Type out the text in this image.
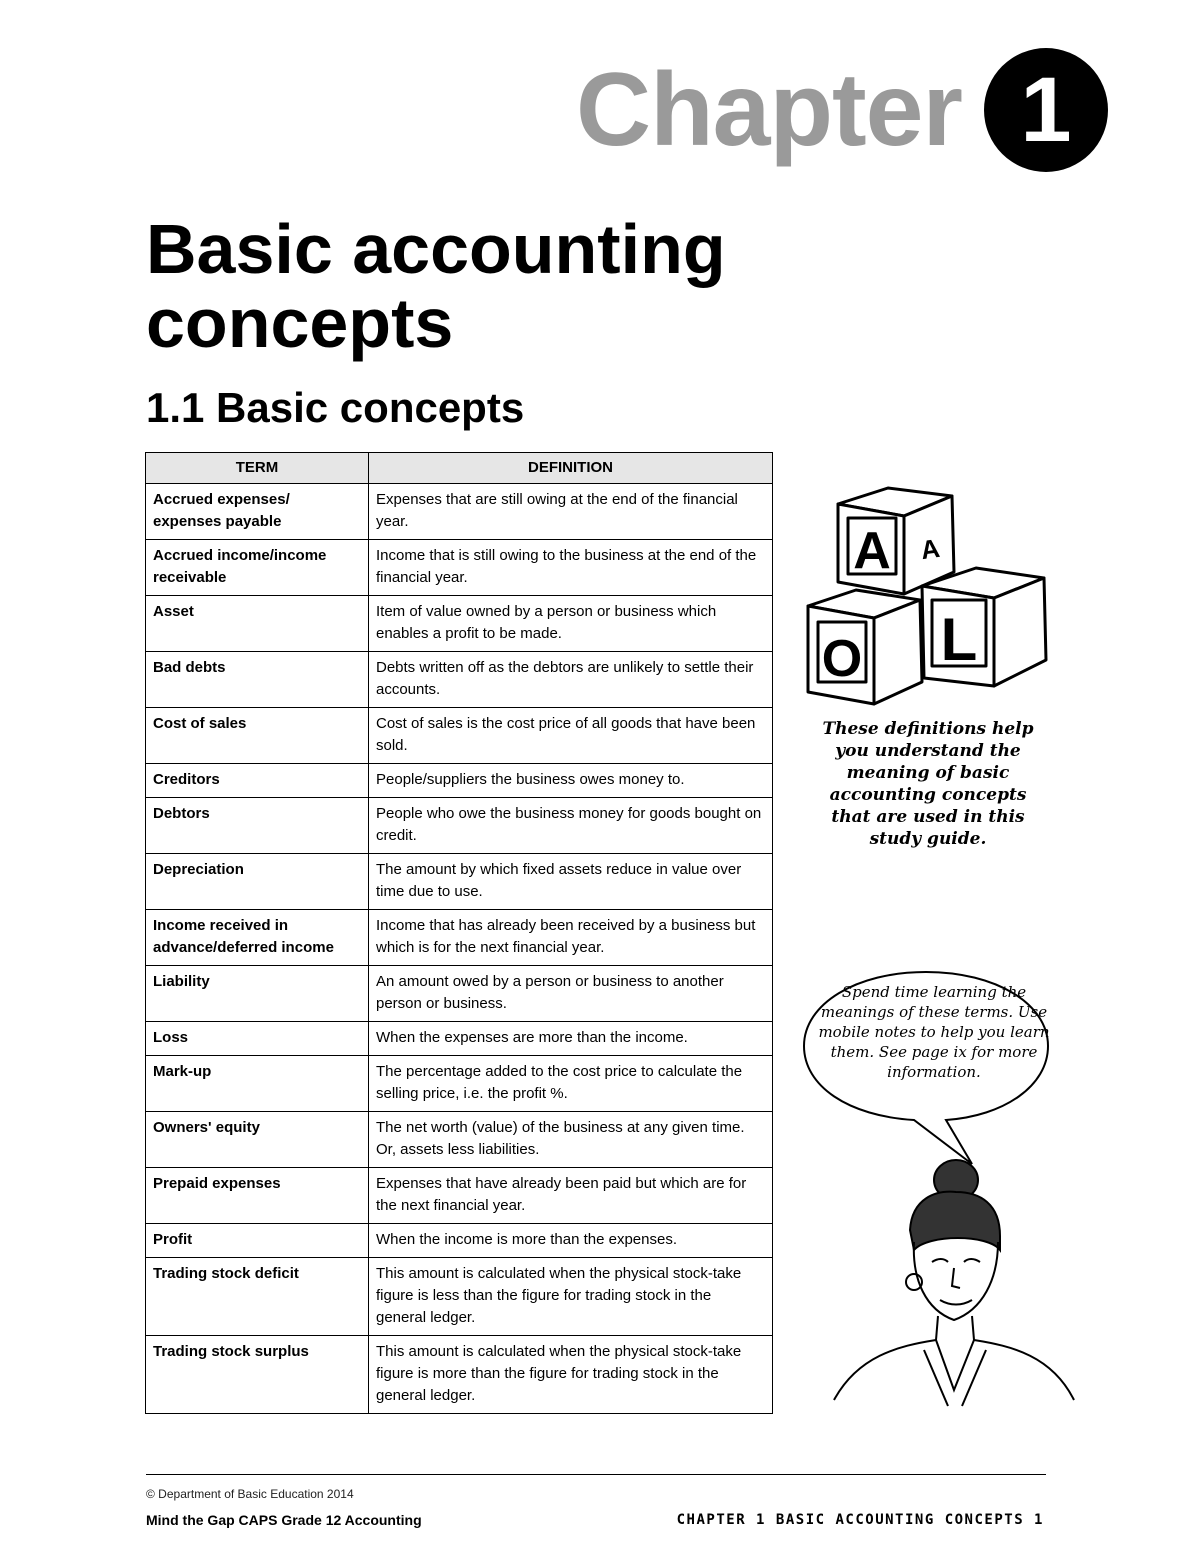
Chapter 1
Basic accounting concepts
1.1 Basic concepts
TERM	DEFINITION
Accrued expenses/ expenses payable	Expenses that are still owing at the end of the financial year.
Accrued income/income receivable	Income that is still owing to the business at the end of the financial year.
Asset	Item of value owned by a person or business which enables a profit to be made.
Bad debts	Debts written off as the debtors are unlikely to settle their accounts.
Cost of sales	Cost of sales is the cost price of all goods that have been sold.
Creditors	People/suppliers the business owes money to.
Debtors	People who owe the business money for goods bought on credit.
Depreciation	The amount by which fixed assets reduce in value over time due to use.
Income received in advance/deferred income	Income that has already been received by a business but which is for the next financial year.
Liability	An amount owed by a person or business to another person or business.
Loss	When the expenses are more than the income.
Mark-up	The percentage added to the cost price to calculate the selling price, i.e. the profit %.
Owners' equity	The net worth (value) of the business at any given time. Or, assets less liabilities.
Prepaid expenses	Expenses that have already been paid but which are for the next financial year.
Profit	When the income is more than the expenses.
Trading stock deficit	This amount is calculated when the physical stock-take figure is less than the figure for trading stock in the general ledger.
Trading stock surplus	This amount is calculated when the physical stock-take figure is more than the figure for trading stock in the general ledger.
A A
O L
These definitions help you understand the meaning of basic accounting concepts that are used in this study guide.
Spend time learning the meanings of these terms. Use mobile notes to help you learn them. See page ix for more information.
© Department of Basic Education 2014
Mind the Gap CAPS Grade 12 Accounting	CHAPTER 1 BASIC ACCOUNTING CONCEPTS 1
